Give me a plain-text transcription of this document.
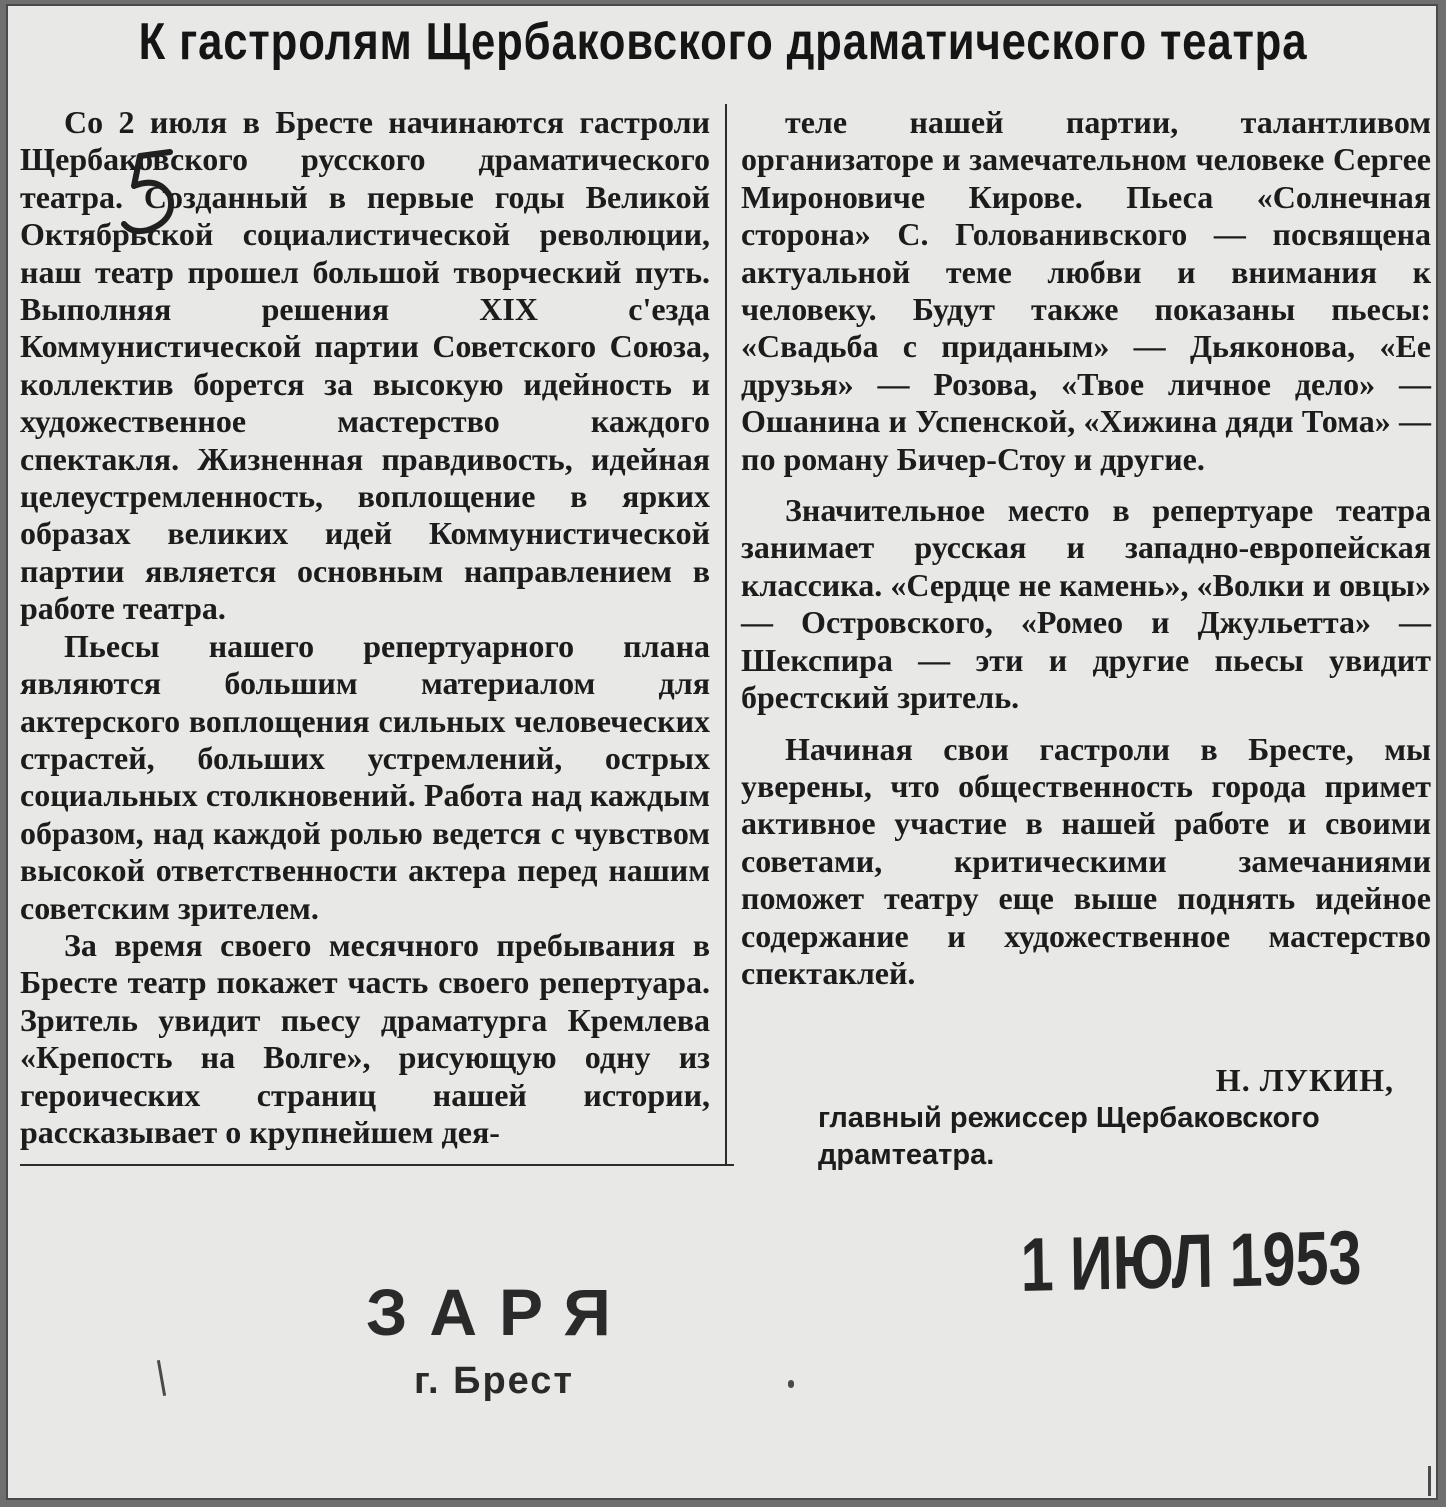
К гастролям Щербаковского драматического театра

Со 2 июля в Бресте начинаются гастроли Щербаковского русского драматического театра. Созданный в первые годы Великой Октябрьской социалистической революции, наш театр прошел большой творческий путь. Выполняя решения XIX с'езда Коммунистической партии Советского Союза, коллектив борется за высокую идейность и художественное мастерство каждого спектакля. Жизненная правдивость, идейная целеустремленность, воплощение в ярких образах великих идей Коммунистической партии является основным направлением в работе театра.

Пьесы нашего репертуарного плана являются большим материалом для актерского воплощения сильных человеческих страстей, больших устремлений, острых социальных столкновений. Работа над каждым образом, над каждой ролью ведется с чувством высокой ответственности актера перед нашим советским зрителем.

За время своего месячного пребывания в Бресте театр покажет часть своего репертуара. Зритель увидит пьесу драматурга Кремлева «Крепость на Волге», рисующую одну из героических страниц нашей истории, рассказывает о крупнейшем дея-

теле нашей партии, талантливом организаторе и замечательном человеке Сергее Мироновиче Кирове. Пьеса «Солнечная сторона» С. Голованивского — посвящена актуальной теме любви и внимания к человеку. Будут также показаны пьесы: «Свадьба с приданым» — Дьяконова, «Ее друзья» — Розова, «Твое личное дело» — Ошанина и Успенской, «Хижина дяди Тома» — по роману Бичер-Стоу и другие.

Значительное место в репертуаре театра занимает русская и западно-европейская классика. «Сердце не камень», «Волки и овцы» — Островского, «Ромео и Джульетта» — Шекспира — эти и другие пьесы увидит брестский зритель.

Начиная свои гастроли в Бресте, мы уверены, что общественность города примет активное участие в нашей работе и своими советами, критическими замечаниями поможет театру еще выше поднять идейное содержание и художественное мастерство спектаклей.

Н. ЛУКИН,
главный режиссер Щербаковского драмтеатра.
ЗАРЯ
г. Брест
1 ИЮЛ 1953
